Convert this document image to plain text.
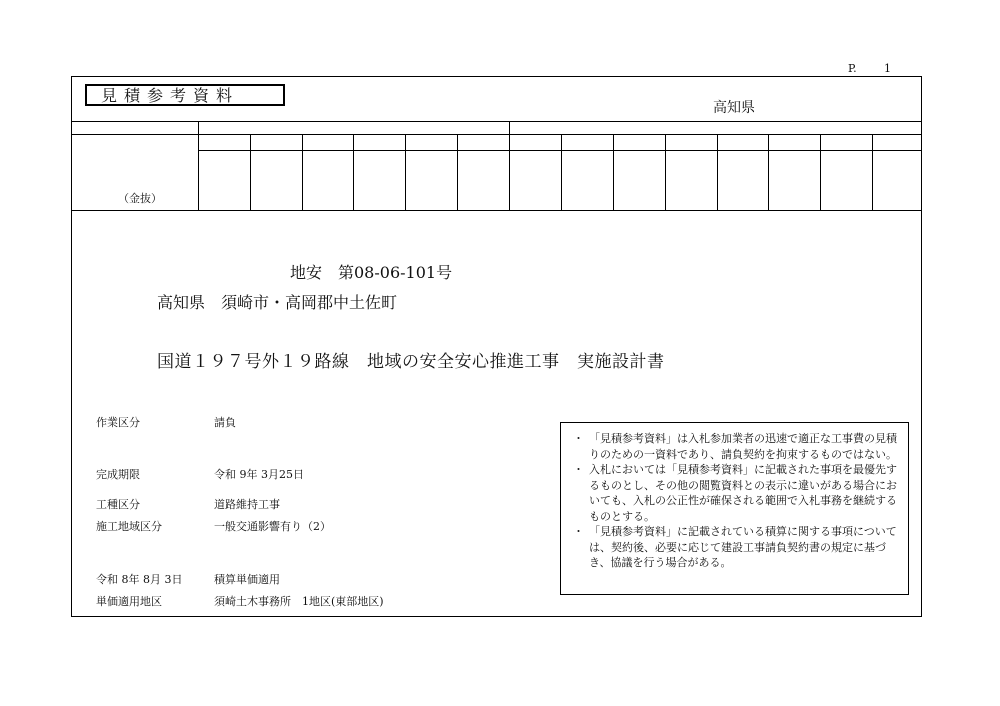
P. 1
見積参考資料
高知県
（金抜）
地安　第08-06-101号
高知県　須崎市・高岡郡中土佐町
国道１９７号外１９路線　地域の安全安心推進工事　実施設計書
作業区分	請負
完成期限	令和 9年 3月25日
工種区分	道路維持工事
施工地域区分	一般交通影響有り（2）
令和 8年 8月 3日	積算単価適用
単価適用地区	須崎土木事務所　1地区(東部地区)
・ 「見積参考資料」は入札参加業者の迅速で適正な工事費の見積りのための一資料であり、請負契約を拘束するものではない。
・ 入札においては「見積参考資料」に記載された事項を最優先するものとし、その他の閲覧資料との表示に違いがある場合においても、入札の公正性が確保される範囲で入札事務を継続するものとする。
・ 「見積参考資料」に記載されている積算に関する事項については、契約後、必要に応じて建設工事請負契約書の規定に基づき、協議を行う場合がある。
